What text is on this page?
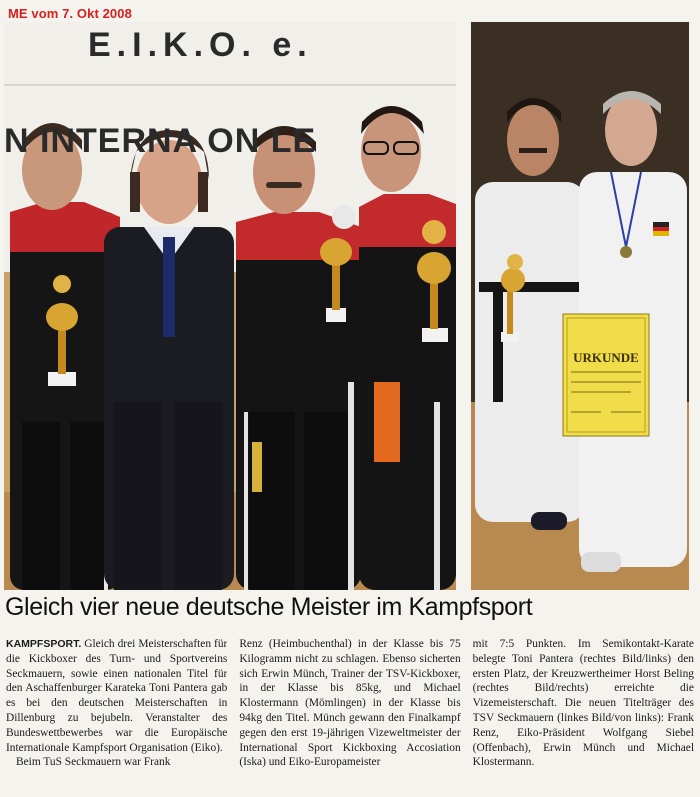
ME vom 7. Okt 2008
E.I.K.O. e.
N INTERNA ON LE
URKUNDE
Gleich vier neue deutsche Meister im Kampfsport

KAMPFSPORT. Gleich drei Meisterschaften für die Kickboxer des Turn- und Sportvereins Seckmauern, sowie einen nationalen Titel für den Aschaffenburger Karateka Toni Pantera gab es bei den deutschen Meisterschaften in Dillenburg zu bejubeln. Veranstalter des Bundeswettbewerbes war die Europäische Internationale Kampfsport Organisation (Eiko).

Beim TuS Seckmauern war Frank

Renz (Heimbuchenthal) in der Klasse bis 75 Kilogramm nicht zu schlagen. Ebenso sicherten sich Erwin Münch, Trainer der TSV-Kickboxer, in der Klasse bis 85kg, und Michael Klostermann (Mömlingen) in der Klasse bis 94kg den Titel. Münch gewann den Finalkampf gegen den erst 19-jährigen Vizeweltmeister der International Sport Kickboxing Accosiation (Iska) und Eiko-Europameister

mit 7:5 Punkten. Im Semikontakt-Karate belegte Toni Pantera (rechtes Bild/links) den ersten Platz, der Kreuzwertheimer Horst Beling (rechtes Bild/rechts) erreichte die Vizemeisterschaft. Die neuen Titelträger des TSV Seckmauern (linkes Bild/von links): Frank Renz, Eiko-Präsident Wolfgang Siebel (Offenbach), Erwin Münch und Michael Klostermann.
